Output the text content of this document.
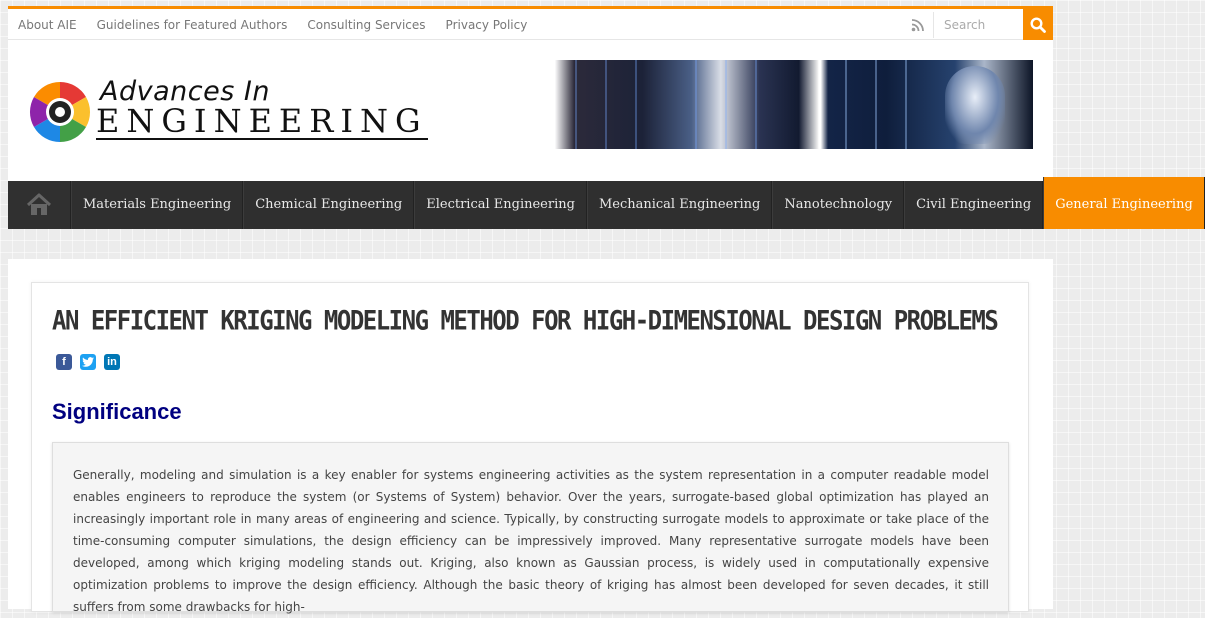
About AIE Guidelines for Featured Authors Consulting Services Privacy Policy
Search
Advances In
ENGINEERING
Materials Engineering	Chemical Engineering	Electrical Engineering	Mechanical Engineering	Nanotechnology	Civil Engineering	General Engineering
AN EFFICIENT KRIGING MODELING METHOD FOR HIGH-DIMENSIONAL DESIGN PROBLEMS
f	in
Significance

Generally, modeling and simulation is a key enabler for systems engineering activities as the system representation in a computer readable model enables engineers to reproduce the system (or Systems of System) behavior. Over the years, surrogate-based global optimization has played an increasingly important role in many areas of engineering and science. Typically, by constructing surrogate models to approximate or take place of the time-consuming computer simulations, the design efficiency can be impressively improved. Many representative surrogate models have been developed, among which kriging modeling stands out. Kriging, also known as Gaussian process, is widely used in computationally expensive optimization problems to improve the design efficiency. Although the basic theory of kriging has almost been developed for seven decades, it still suffers from some drawbacks for high-
